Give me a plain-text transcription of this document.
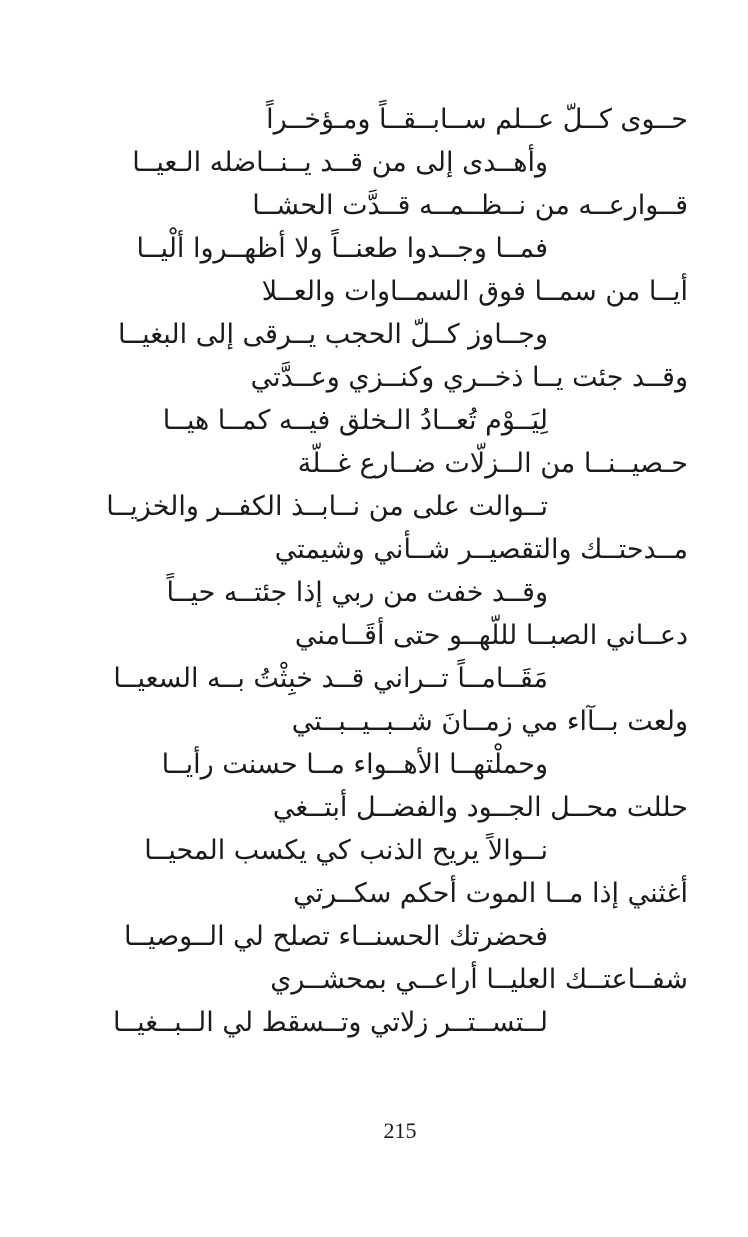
حــوى كــلّ عــلم ســابــقــاً ومـؤخــراً
وأهــدى إلى من قــد يــنــاضله الـعيــا
قــوارعــه من نــظــمــه قــدَّت الحشــا
فمــا وجــدوا طعنــاً ولا أظهــروا ألْيــا
أيــا من سمــا فوق السمــاوات والعــلا
وجــاوز كــلّ الحجب يــرقى إلى البغيــا
وقــد جئت يــا ذخــري وكنــزي وعــدَّتي
لِيَــوْم تُعــادُ الـخلق فيــه كمــا هيــا
حـصيــنــا من الــزلّات ضــارع غــلّة
تــوالت على من نــابــذ الكفــر والخزيــا
مــدحتــك والتقصيــر شــأني وشيمتي
وقــد خفت من ربي إذا جئتــه حيــاً
دعــاني الصبــا لللّهــو حتى أقَــامني
مَقَــامــاً تــراني قــد خبِثْتُ بــه السعيــا
ولعت بــآاء مي زمــانَ شــبــيــبــتي
وحملْتهــا الأهــواء مــا حسنت رأيــا
حللت محــل الجــود والفضــل أبتــغي
نــوالاً يريح الذنب كي يكسب المحيــا
أغثني إذا مــا الموت أحكم سكــرتي
فحضرتك الحسنــاء تصلح لي الــوصيــا
شفــاعتــك العليــا أراعــي بمحشــري
لــتســتــر زلاتي وتــسقط لي الــبــغيــا
215
